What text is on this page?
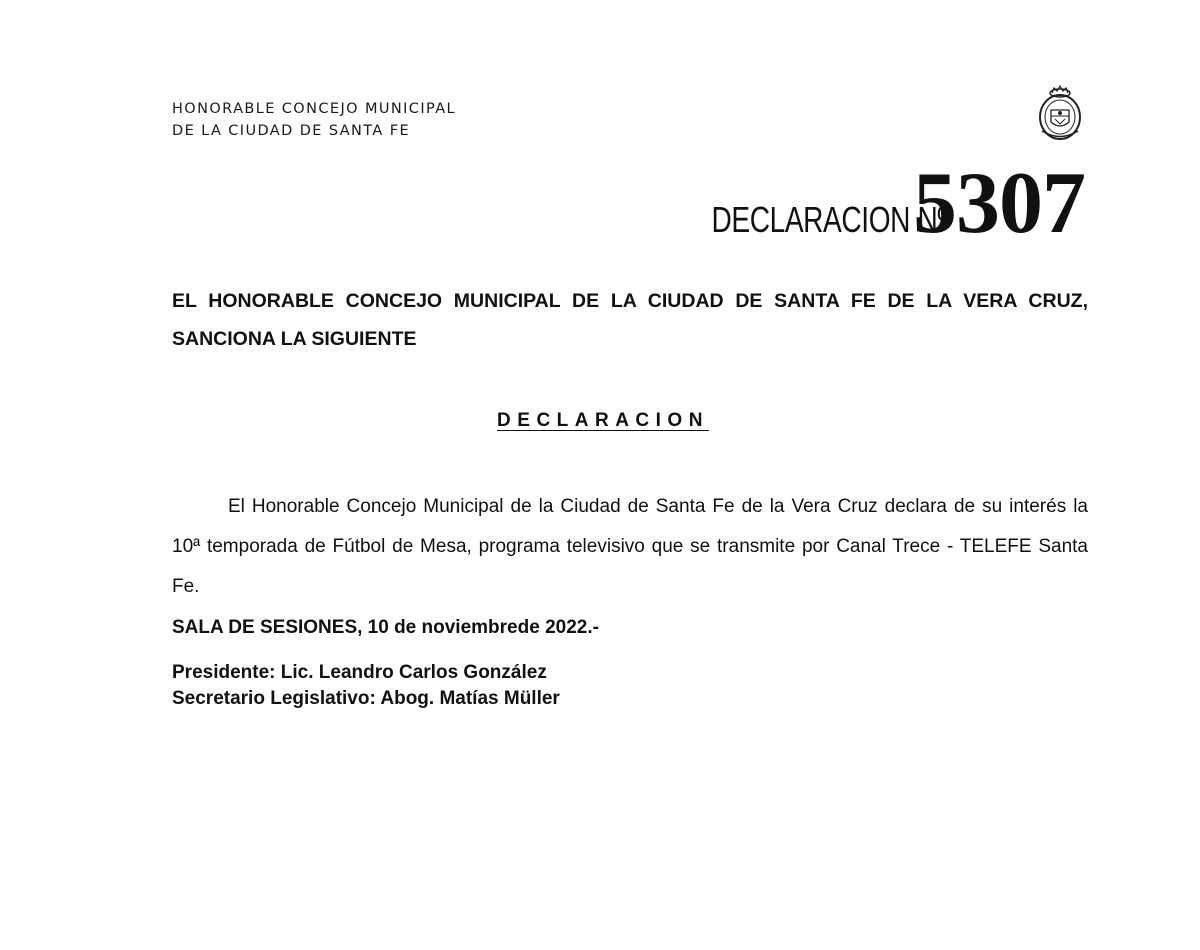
HONORABLE CONCEJO MUNICIPAL
DE LA CIUDAD DE SANTA FE
DECLARACION Nº
5307
EL HONORABLE CONCEJO MUNICIPAL DE LA CIUDAD DE SANTA FE DE LA VERA CRUZ, SANCIONA LA SIGUIENTE
DECLARACION

El Honorable Concejo Municipal de la Ciudad de Santa Fe de la Vera Cruz declara de su interés la 10ª temporada de Fútbol de Mesa, programa televisivo que se transmite por Canal Trece - TELEFE Santa Fe.

SALA DE SESIONES, 10 de noviembrede 2022.-
Presidente: Lic. Leandro Carlos González
Secretario Legislativo: Abog. Matías Müller
